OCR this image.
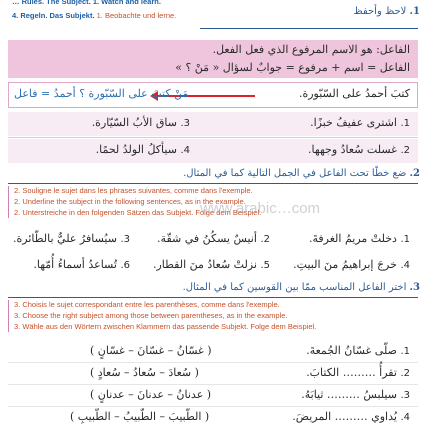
… Rules. The Subject. 1. Watch and learn.
4. Regeln. Das Subjekt. 1. Beobachte und lerne.	1. لاحظ وأحفظ
الفاعل: هو الاسم المرفوع الذي فعل الفعل.
الفاعل = اسم + مرفوع = جوابٌ لسؤال « مَنْ ؟ »
كتبَ أحمدُ على السّبّورة.
مَنْ كتبَ على السّبّورة ؟ أحمدُ = فاعل
1. اشترى عفيفُ خبزًا.
3. ساق الأبُ السّيّارة.
2. غسلت سُعادُ وجهها.
4. سيأكلُ الولدُ لحمًا.
2. ضع خطًا تحت الفاعل في الجمل التالية كما في المثال.
2. Souligne le sujet dans les phrases suivantes, comme dans l'exemple.
2. Underline the subject in the following sentences, as in the example.
2. Unterstreiche in den folgenden Sätzen das Subjekt. Folge dem Beispiel.
www.arabic…com
1. دخلتْ مريمُ الغرفةَ.
2. أنيسٌ يسكُنُ في شقّة.
3. سيُسافرُ عليٌّ بالطّائرة.
4. خرجَ إبراهيمُ منَ البيتِ.
5. نزلتْ سُعادُ منَ القطار.
6. تُساعدُ أسماءُ أُمّها.
3. اختر الفاعل المناسب ممّا بين القوسين كما في المثال.
3. Choisis le sujet correspondant entre les parenthèses, comme dans l'exemple.
3. Choose the right subject among those between parentheses, as in the example.
3. Wähle aus den Wörtern zwischen Klammern das passende Subjekt. Folge dem Beispiel.
1. صلّى غسّانُ الجُمعةَ.
( غسّانُ – غسّانَ – غسّانٍ )
2. تقرأُ ……… الكتابَ.
( سُعادَ – سُعادُ – سُعادٍ )
3. سيلبسُ ……… ثيابَهُ.
( عدنانُ – عدنانَ – عدنانٍ )
4. يُداوي ……… المريضَ.
( الطّبيبَ – الطّبيبُ – الطّبيبِ )
